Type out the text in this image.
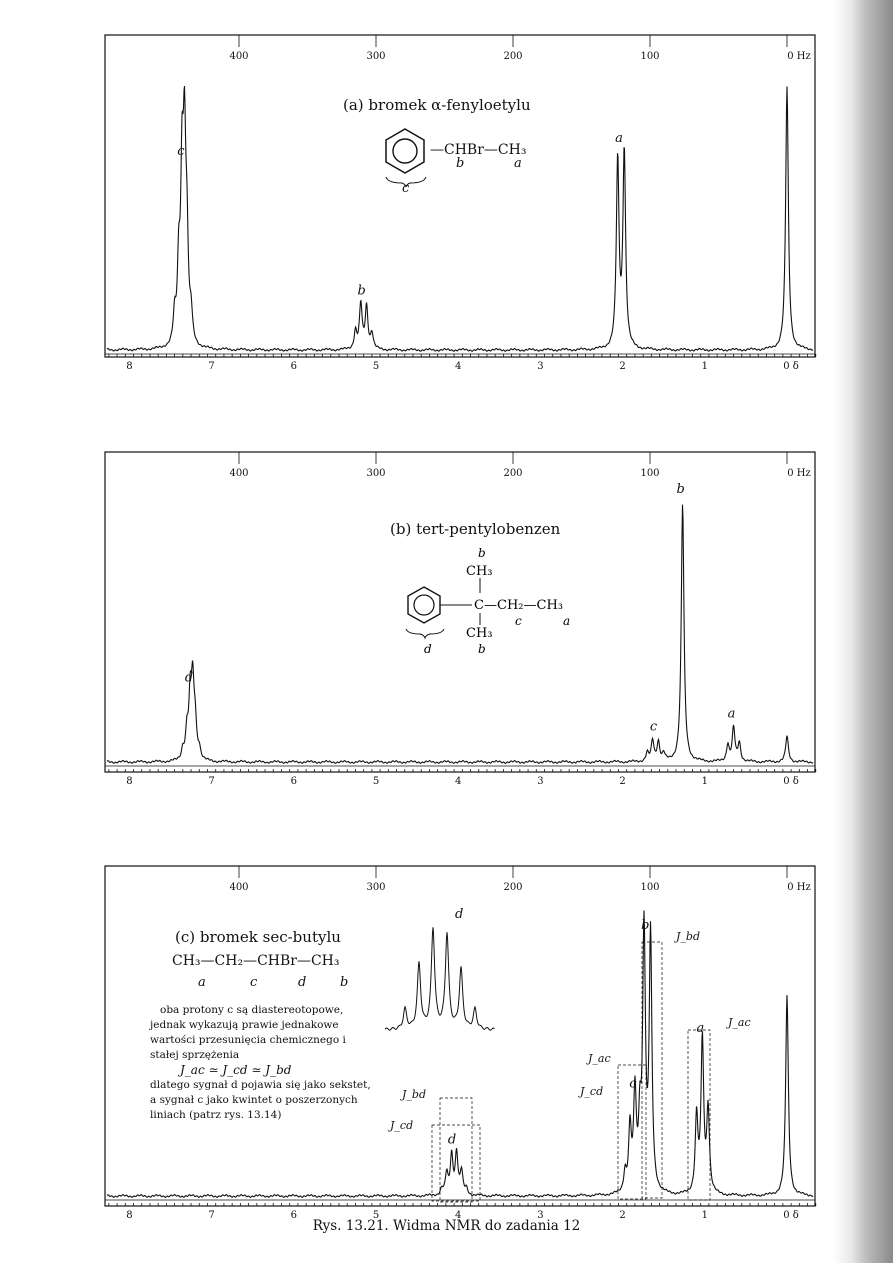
8	7	6	5	4	3	2	1	0 δ
400	300	200	100	0 Hz
c
b
a
(a) bromek α-fenyloetylu
—CHBr—CH₃
b	a
c
8	7	6	5	4	3	2	1	0 δ
400	300	200	100	0 Hz
d
c
b
a
(b) tert-pentylobenzen
b
CH₃
C —CH₂—CH₃
CH₃
c	a
b
d
8	7	6	5	4	3	2	1	0 δ
400	300	200	100	0 Hz
d
c
b
a
J_bd
J_ac
J_ac
J_cd
J_bd
J_cd
d
(c) bromek sec-butylu
CH₃—CH₂—CHBr—CH₃
a	c	d	b
oba protony c są diastereotopowe,
jednak wykazują prawie jednakowe
wartości przesunięcia chemicznego i
stałej sprzężenia
J_ac ≃ J_cd ≃ J_bd
dlatego sygnał d pojawia się jako sekstet,
a sygnał c jako kwintet o poszerzonych
liniach (patrz rys. 13.14)
Rys. 13.21. Widma NMR do zadania 12
